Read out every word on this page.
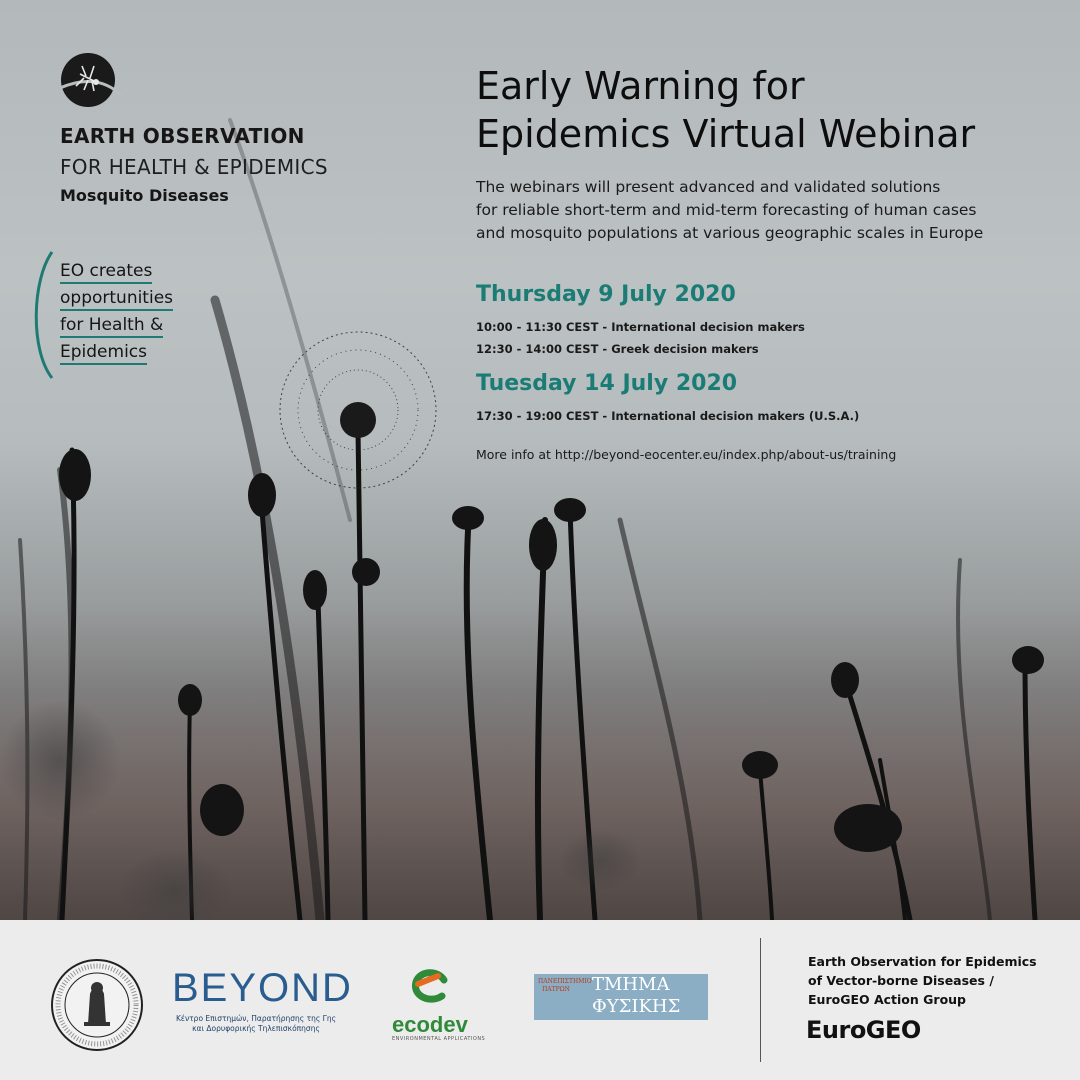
EARTH OBSERVATION
FOR HEALTH & EPIDEMICS
Mosquito Diseases
EO creates
opportunities
for Health &
Epidemics
Early Warning for
Epidemics Virtual Webinar
The webinars will present advanced and validated solutions
for reliable short-term and mid-term forecasting of human cases
and mosquito populations at various geographic scales in Europe
Thursday 9 July 2020
10:00 - 11:30 CEST - International decision makers
12:30 - 14:00 CEST - Greek decision makers
Tuesday 14 July 2020
17:30 - 19:00 CEST - International decision makers (U.S.A.)
More info at http://beyond-eocenter.eu/index.php/about-us/training
BEYOND
Κέντρο Επιστημών, Παρατήρησης της Γης
και Δορυφορικής Τηλεπισκόπησης	ecodev
ENVIRONMENTAL APPLICATIONS
ΠΑΝΕΠΙΣΤΗΜΙΟ ΠΑΤΡΩΝ ΤΜΗΜΑ
ΦΥΣΙΚΗΣ
Earth Observation for Epidemics
of Vector-borne Diseases /
EuroGEO Action Group
EuroGEO
